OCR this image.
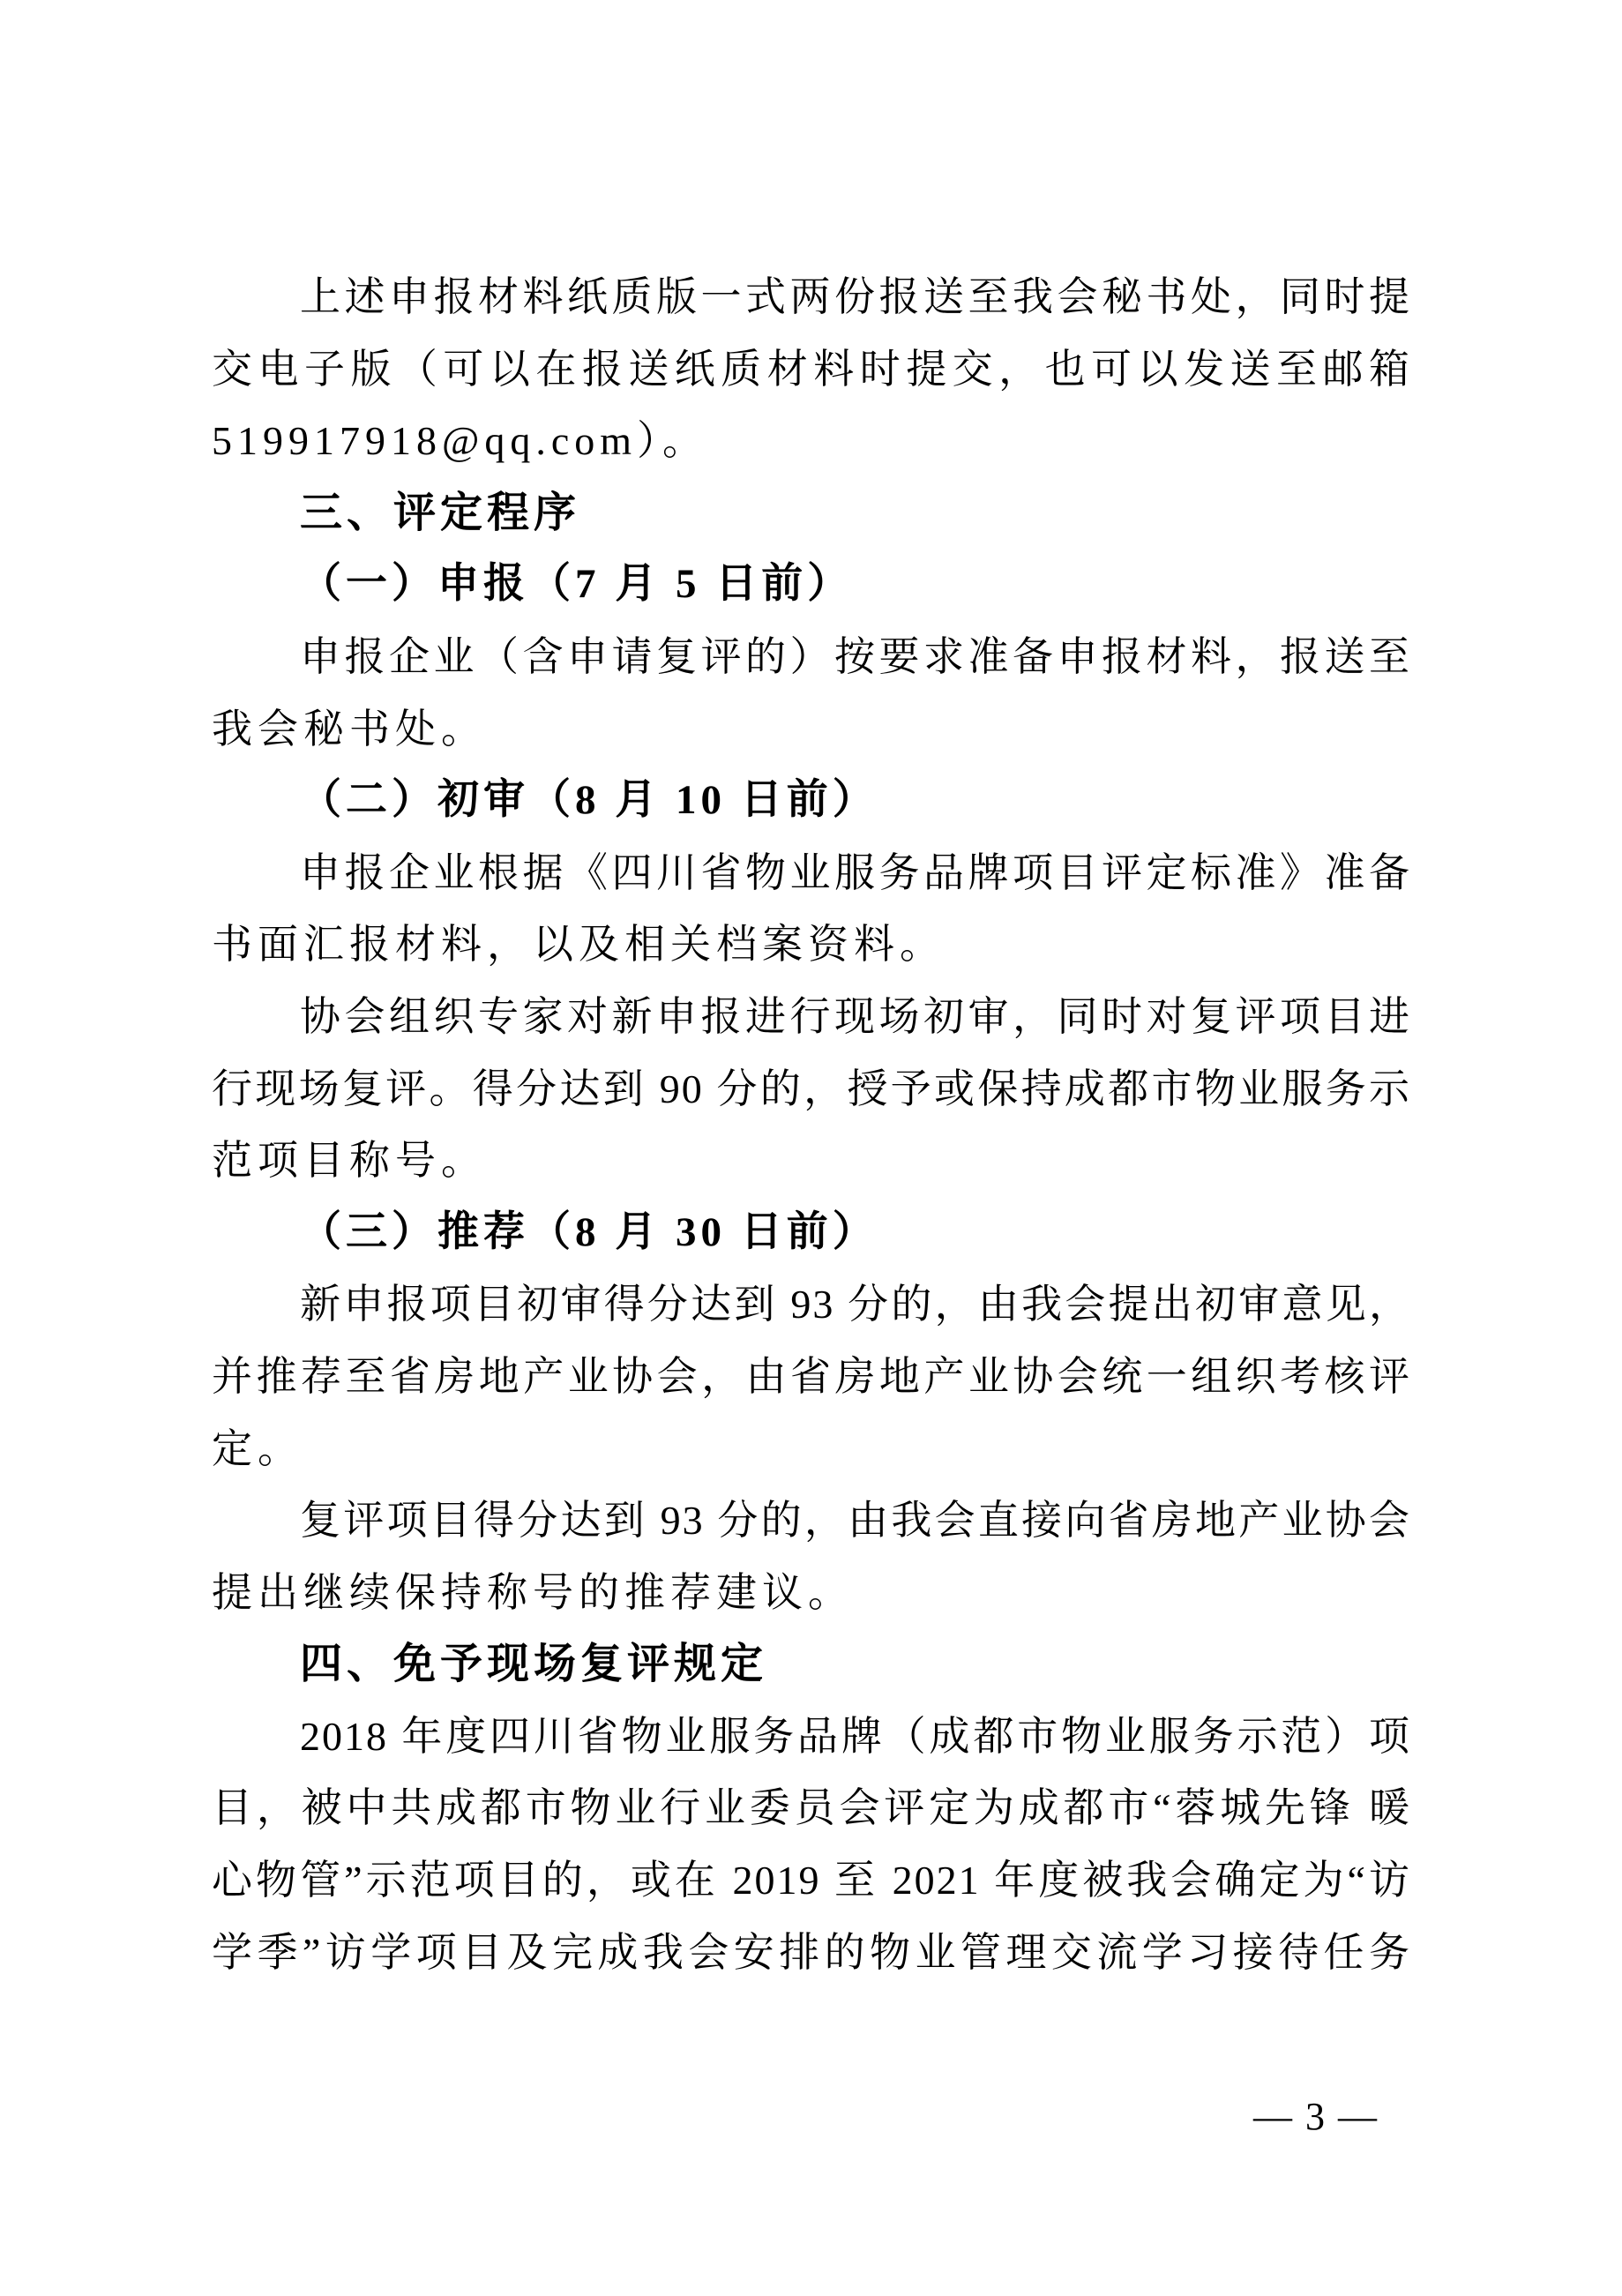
上述申报材料纸质版一式两份报送至我会秘书处，同时提
交电子版（可以在报送纸质材料时提交，也可以发送至邮箱
519917918@qq.com）。
三、评定程序
（一）申报（7 月 5 日前）
申报企业（含申请复评的）按要求准备申报材料，报送至
我会秘书处。
（二）初审（8 月 10 日前）
申报企业根据《四川省物业服务品牌项目评定标准》准备
书面汇报材料，以及相关档案资料。
协会组织专家对新申报进行现场初审，同时对复评项目进
行现场复评。得分达到 90 分的，授予或保持成都市物业服务示
范项目称号。
（三）推荐（8 月 30 日前）
新申报项目初审得分达到 93 分的，由我会提出初审意见，
并推荐至省房地产业协会，由省房地产业协会统一组织考核评
定。
复评项目得分达到 93 分的，由我会直接向省房地产业协会
提出继续保持称号的推荐建议。
四、免予现场复评规定
2018 年度四川省物业服务品牌（成都市物业服务示范）项
目，被中共成都市物业行业委员会评定为成都市“蓉城先锋 暖
心物管”示范项目的，或在 2019 至 2021 年度被我会确定为“访
学季”访学项目及完成我会安排的物业管理交流学习接待任务
— 3 —
